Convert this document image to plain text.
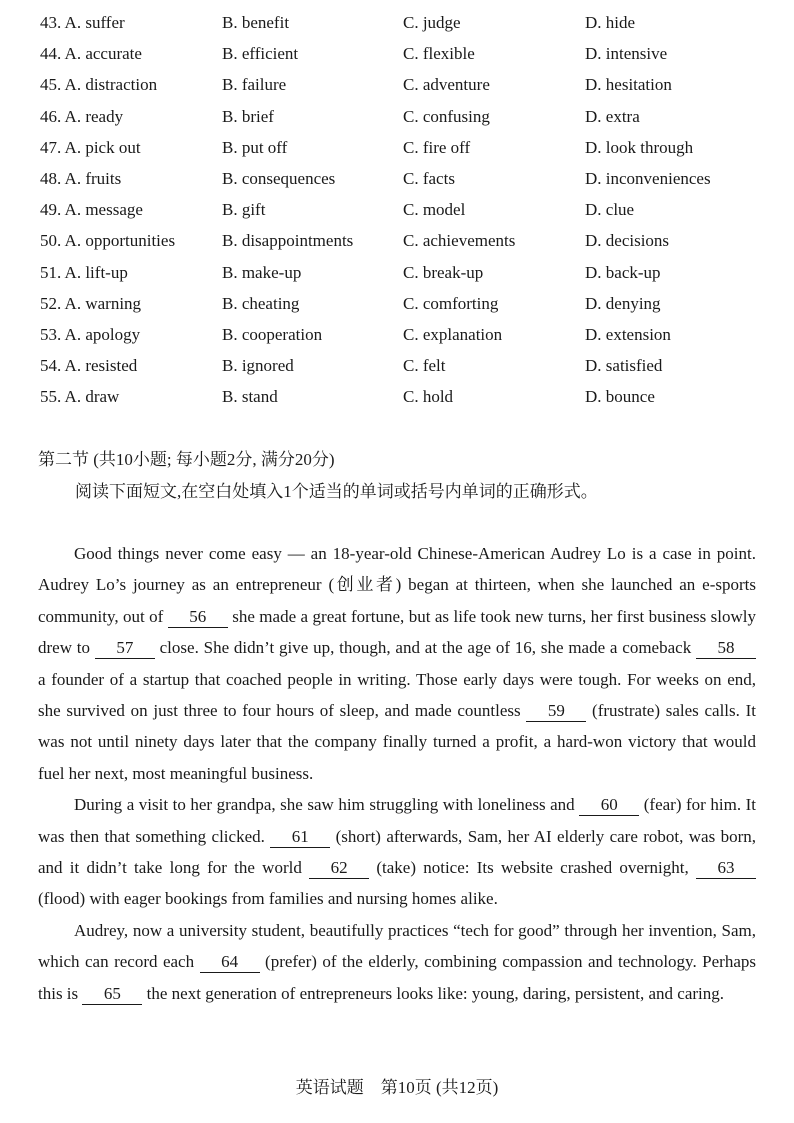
43. A. suffer	B. benefit	C. judge	D. hide
44. A. accurate	B. efficient	C. flexible	D. intensive
45. A. distraction	B. failure	C. adventure	D. hesitation
46. A. ready	B. brief	C. confusing	D. extra
47. A. pick out	B. put off	C. fire off	D. look through
48. A. fruits	B. consequences	C. facts	D. inconveniences
49. A. message	B. gift	C. model	D. clue
50. A. opportunities	B. disappointments	C. achievements	D. decisions
51. A. lift-up	B. make-up	C. break-up	D. back-up
52. A. warning	B. cheating	C. comforting	D. denying
53. A. apology	B. cooperation	C. explanation	D. extension
54. A. resisted	B. ignored	C. felt	D. satisfied
55. A. draw	B. stand	C. hold	D. bounce
第二节 (共10小题; 每小题2分, 满分20分)
阅读下面短文,在空白处填入1个适当的单词或括号内单词的正确形式。

Good things never come easy — an 18-year-old Chinese-American Audrey Lo is a case in point. Audrey Lo’s journey as an entrepreneur (创业者) began at thirteen, when she launched an e-sports community, out of 56 she made a great fortune, but as life took new turns, her first business slowly drew to 57 close. She didn’t give up, though, and at the age of 16, she made a comeback 58 a founder of a startup that coached people in writing. Those early days were tough. For weeks on end, she survived on just three to four hours of sleep, and made countless 59 (frustrate) sales calls. It was not until ninety days later that the company finally turned a profit, a hard-won victory that would fuel her next, most meaningful business.

During a visit to her grandpa, she saw him struggling with loneliness and 60 (fear) for him. It was then that something clicked. 61 (short) afterwards, Sam, her AI elderly care robot, was born, and it didn’t take long for the world 62 (take) notice: Its website crashed overnight, 63 (flood) with eager bookings from families and nursing homes alike.

Audrey, now a university student, beautifully practices “tech for good” through her invention, Sam, which can record each 64 (prefer) of the elderly, combining compassion and technology. Perhaps this is 65 the next generation of entrepreneurs looks like: young, daring, persistent, and caring.

英语试题　第10页 (共12页)
